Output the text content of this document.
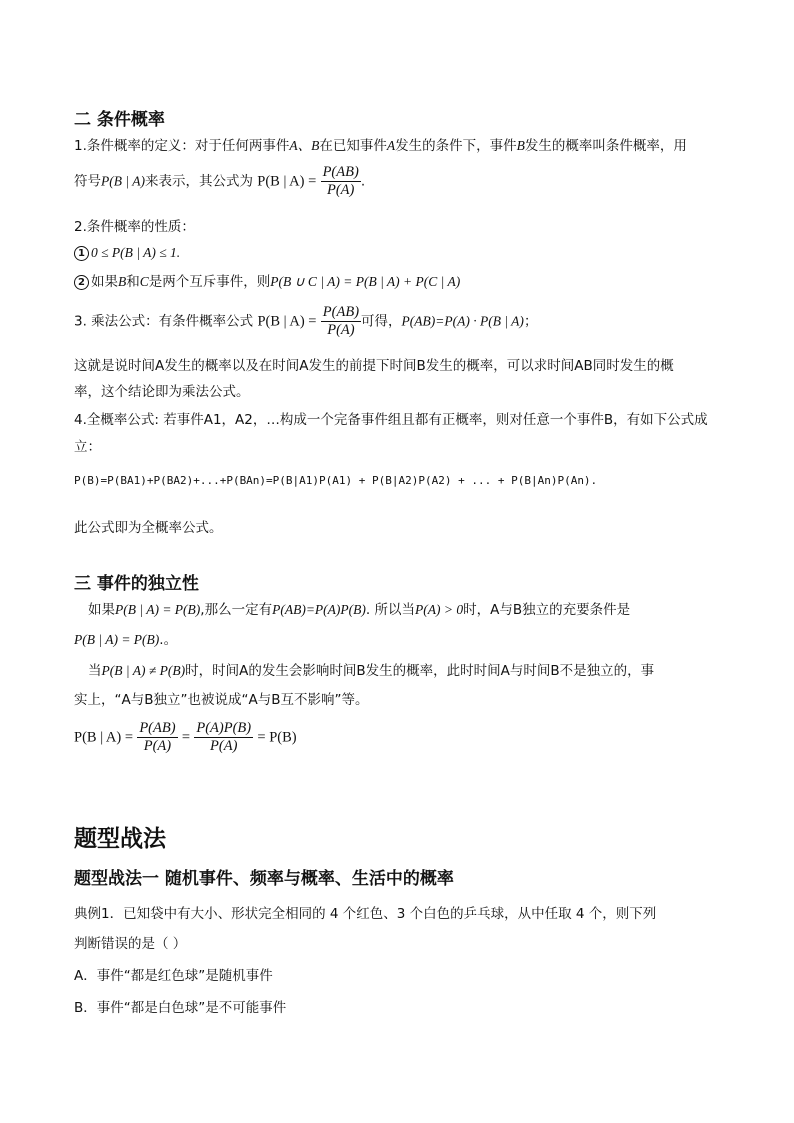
二 条件概率
1.条件概率的定义：对于任何两事件A、B在已知事件A发生的条件下，事件B发生的概率叫条件概率，用
符号P(B | A)来表示，其公式为 P(B | $A) = \frac{P(AB)}{P(A)}$ .
2.条件概率的性质：
1 0 ≤ P(B | A) ≤ 1.
2 如果B和C是两个互斥事件，则P(B ∪ C | A) = P(B | A) + P(C | A)
3. 乘法公式：有条件概率公式 P(B | $A) = \frac{P(AB)}{P(A)}$ 可得，P(AB)=P(A) · P(B | A)；
这就是说时间A发生的概率以及在时间A发生的前提下时间B发生的概率，可以求时间AB同时发生的概
率，这个结论即为乘法公式。
4.全概率公式: 若事件A1，A2，…构成一个完备事件组且都有正概率，则对任意一个事件B，有如下公式成
立：
P(B)=P(BA1)+P(BA2)+...+P(BAn)=P(B|A1)P(A1) + P(B|A2)P(A2) + ... + P(B|An)P(An).
此公式即为全概率公式。
三 事件的独立性
如果P(B | A) = P(B),那么一定有P(AB)=P(A)P(B). 所以当P(A) > 0时，A与B独立的充要条件是
P(B | A) = P(B).。
当P(B | A) ≠ P(B)时，时间A的发生会影响时间B发生的概率，此时时间A与时间B不是独立的，事
实上，“A与B独立”也被说成“A与B互不影响”等。
P(B | $A) = \frac{P(AB)}{P(A)} = \frac{P(A)P(B)}{P(A)} = P(B)$
题型战法
题型战法一 随机事件、频率与概率、生活中的概率
典例1．已知袋中有大小、形状完全相同的 4 个红色、3 个白色的乒乓球，从中任取 4 个，则下列
判断错误的是（ ）
A．事件“都是红色球”是随机事件
B．事件“都是白色球”是不可能事件
